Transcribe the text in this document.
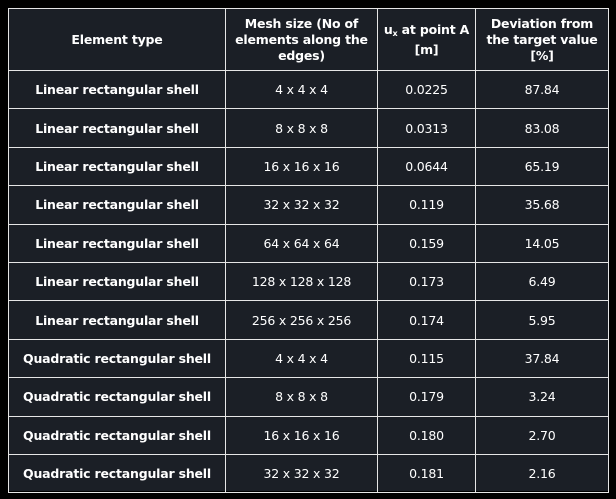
Element type	Mesh size (No of elements along the edges)	$u_x$ at point A [m]	Deviation from the target value [%]
Linear rectangular shell	4 x 4 x 4	0.0225	87.84
Linear rectangular shell	8 x 8 x 8	0.0313	83.08
Linear rectangular shell	16 x 16 x 16	0.0644	65.19
Linear rectangular shell	32 x 32 x 32	0.119	35.68
Linear rectangular shell	64 x 64 x 64	0.159	14.05
Linear rectangular shell	128 x 128 x 128	0.173	6.49
Linear rectangular shell	256 x 256 x 256	0.174	5.95
Quadratic rectangular shell	4 x 4 x 4	0.115	37.84
Quadratic rectangular shell	8 x 8 x 8	0.179	3.24
Quadratic rectangular shell	16 x 16 x 16	0.180	2.70
Quadratic rectangular shell	32 x 32 x 32	0.181	2.16
